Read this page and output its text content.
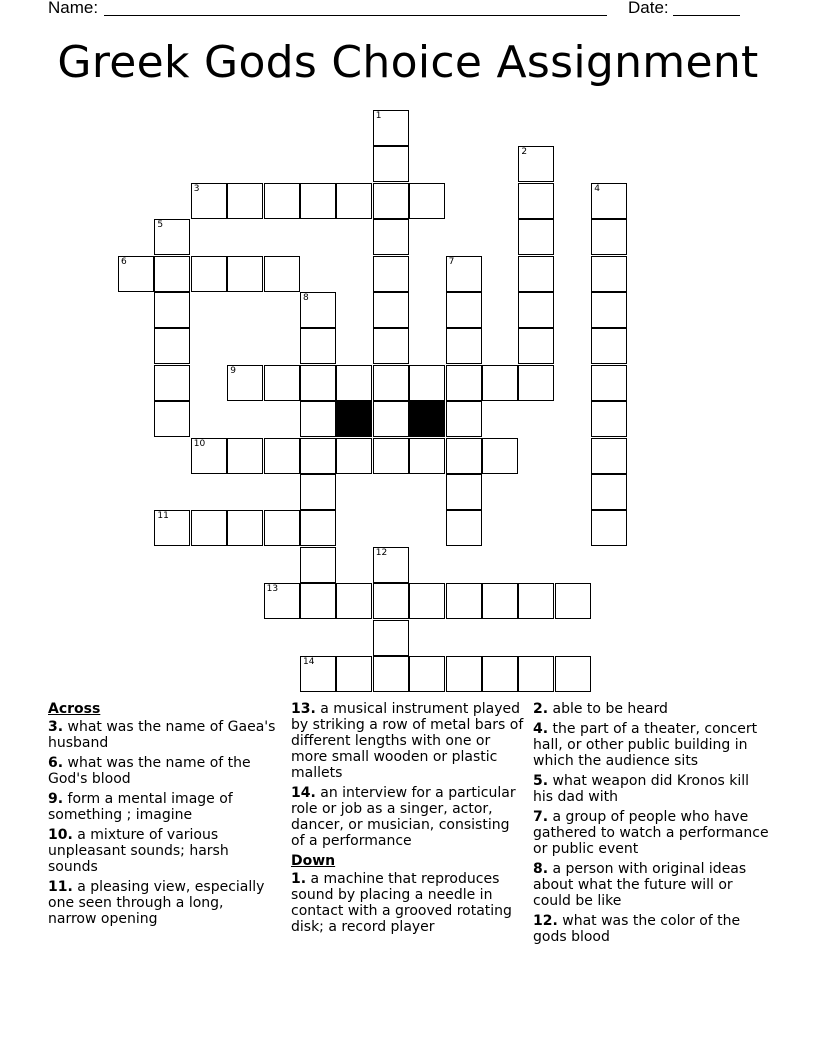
Name:	Date:
Greek Gods Choice Assignment
1
2
3	4
5
6	7
8
9
10
11
12
13
14
Across
3. what was the name of Gaea's husband
6. what was the name of the God's blood
9. form a mental image of something ; imagine
10. a mixture of various unpleasant sounds; harsh sounds
11. a pleasing view, especially one seen through a long, narrow opening
13. a musical instrument played by striking a row of metal bars of different lengths with one or more small wooden or plastic mallets
14. an interview for a particular role or job as a singer, actor, dancer, or musician, consisting of a performance
Down
1. a machine that reproduces sound by placing a needle in contact with a grooved rotating disk; a record player
2. able to be heard
4. the part of a theater, concert hall, or other public building in which the audience sits
5. what weapon did Kronos kill his dad with
7. a group of people who have gathered to watch a performance or public event
8. a person with original ideas about what the future will or could be like
12. what was the color of the gods blood
